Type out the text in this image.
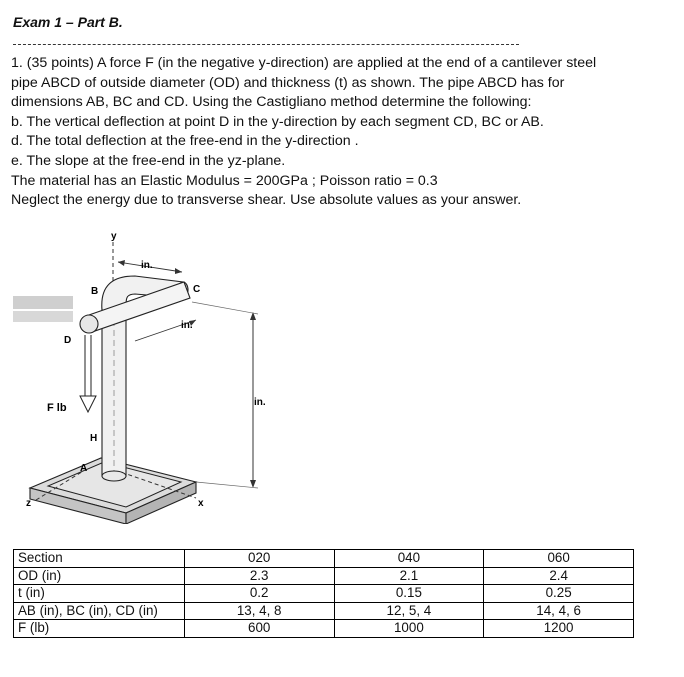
Exam 1 – Part B.
1. (35 points) A force F (in the negative y-direction) are applied at the end of a cantilever steel
pipe ABCD of outside diameter (OD) and thickness (t) as shown. The pipe ABCD has for
dimensions AB, BC and CD. Using the Castigliano method determine the following:
b. The vertical deflection at point D in the y-direction by each segment CD, BC or AB.
d. The total deflection at the free-end in the y-direction .
e. The slope at the free-end in the yz-plane.
The material has an Elastic Modulus = 200GPa ; Poisson ratio = 0.3
Neglect the energy due to transverse shear. Use absolute values as your answer.
y
x
z
B	C
D
H
A
F lb
in.
in.
in.
Section	020	040	060
OD (in)	2.3	2.1	2.4
t (in)	0.2	0.15	0.25
AB (in), BC (in), CD (in)	13, 4, 8	12, 5, 4	14, 4, 6
F (lb)	600	1000	1200
